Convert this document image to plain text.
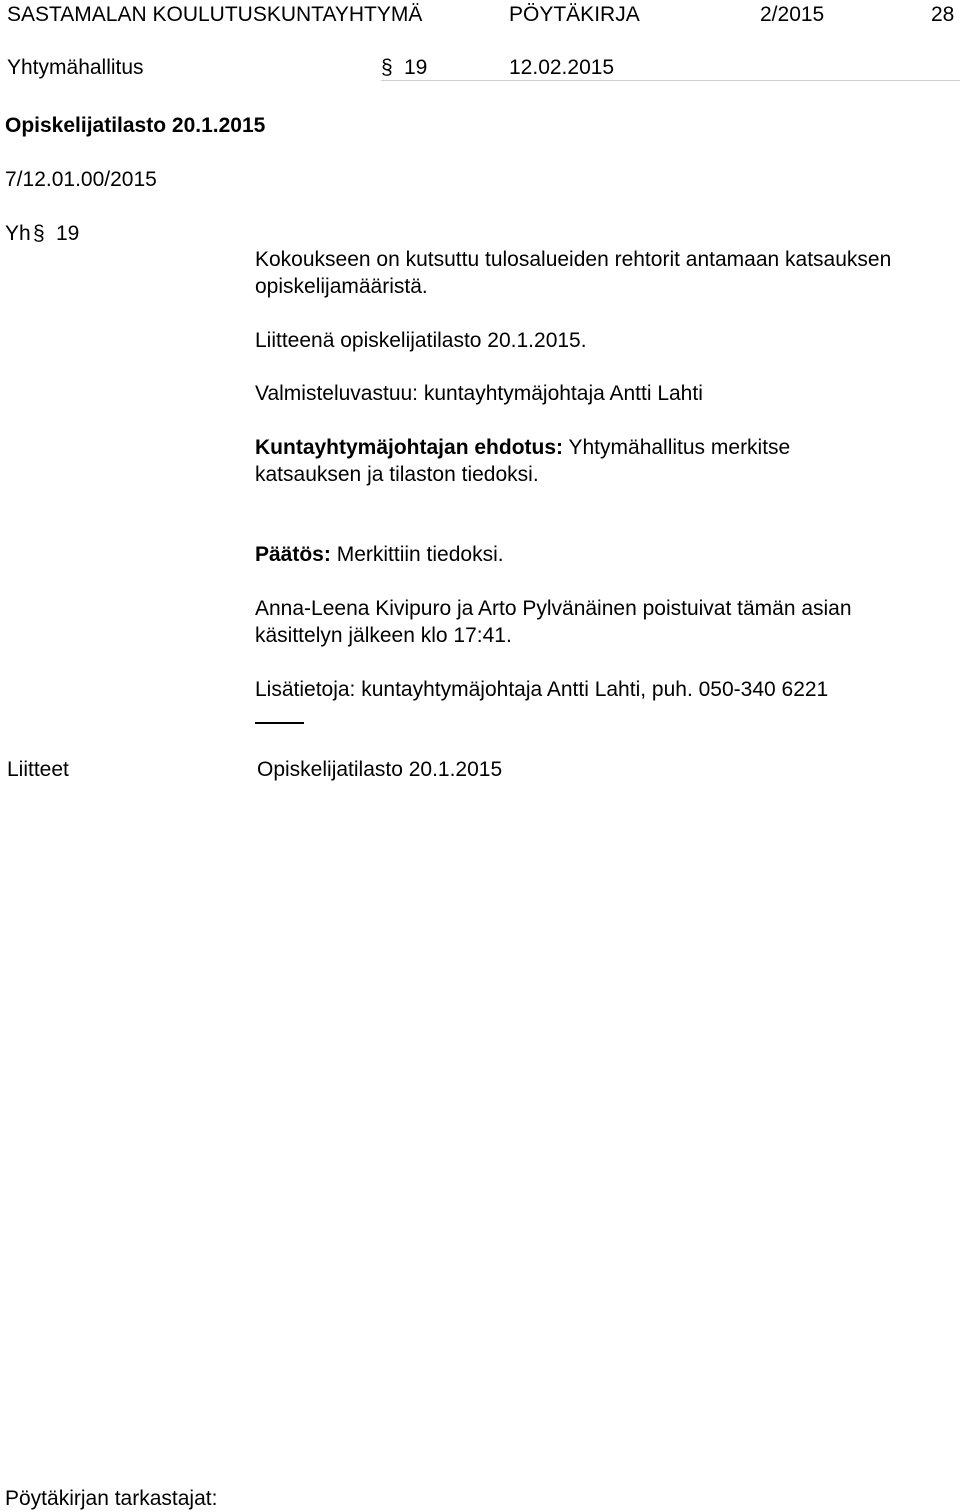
SASTAMALAN KOULUTUSKUNTAYHTYMÄ	PÖYTÄKIRJA	2/2015	28
Yhtymähallitus	§ 19	12.02.2015
Opiskelijatilasto 20.1.2015
7/12.01.00/2015
Yh § 19
Kokoukseen on kutsuttu tulosalueiden rehtorit antamaan katsauksen
opiskelijamääristä.
Liitteenä opiskelijatilasto 20.1.2015.
Valmisteluvastuu: kuntayhtymäjohtaja Antti Lahti
Kuntayhtymäjohtajan ehdotus: Yhtymähallitus merkitse
katsauksen ja tilaston tiedoksi.
Päätös: Merkittiin tiedoksi.
Anna-Leena Kivipuro ja Arto Pylvänäinen poistuivat tämän asian
käsittelyn jälkeen klo 17:41.
Lisätietoja: kuntayhtymäjohtaja Antti Lahti, puh. 050-340 6221
Liitteet	Opiskelijatilasto 20.1.2015
Pöytäkirjan tarkastajat:
